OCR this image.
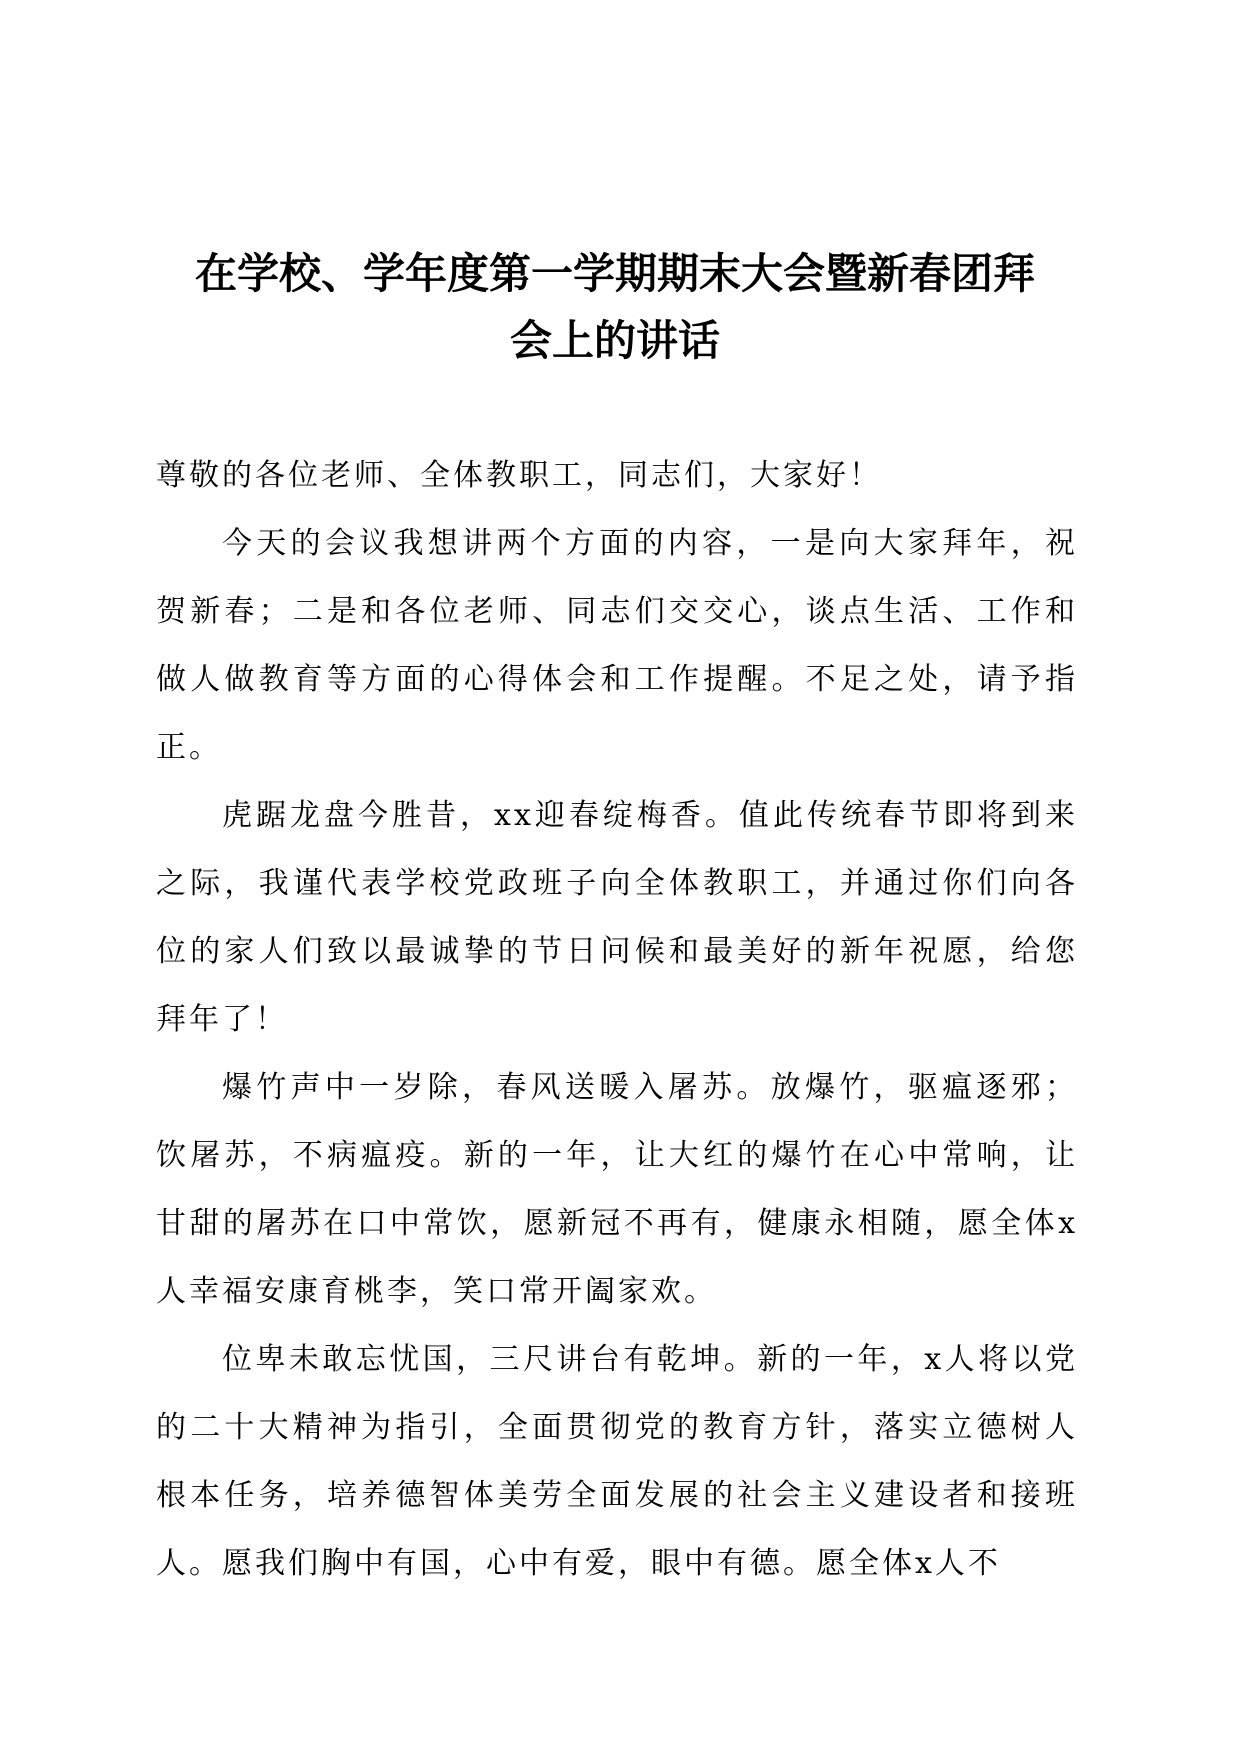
在学校、学年度第一学期期末大会暨新春团拜
会上的讲话

尊敬的各位老师、全体教职工，同志们，大家好！

今天的会议我想讲两个方面的内容，一是向大家拜年，祝贺新春；二是和各位老师、同志们交交心，谈点生活、工作和做人做教育等方面的心得体会和工作提醒。不足之处，请予指正。

虎踞龙盘今胜昔，xx迎春绽梅香。值此传统春节即将到来之际，我谨代表学校党政班子向全体教职工，并通过你们向各位的家人们致以最诚挚的节日问候和最美好的新年祝愿，给您拜年了！

爆竹声中一岁除，春风送暖入屠苏。放爆竹，驱瘟逐邪；饮屠苏，不病瘟疫。新的一年，让大红的爆竹在心中常响，让甘甜的屠苏在口中常饮，愿新冠不再有，健康永相随，愿全体x人幸福安康育桃李，笑口常开阖家欢。

位卑未敢忘忧国，三尺讲台有乾坤。新的一年，x人将以党的二十大精神为指引，全面贯彻党的教育方针，落实立德树人根本任务，培养德智体美劳全面发展的社会主义建设者和接班人。愿我们胸中有国，心中有爱，眼中有德。愿全体x人不
